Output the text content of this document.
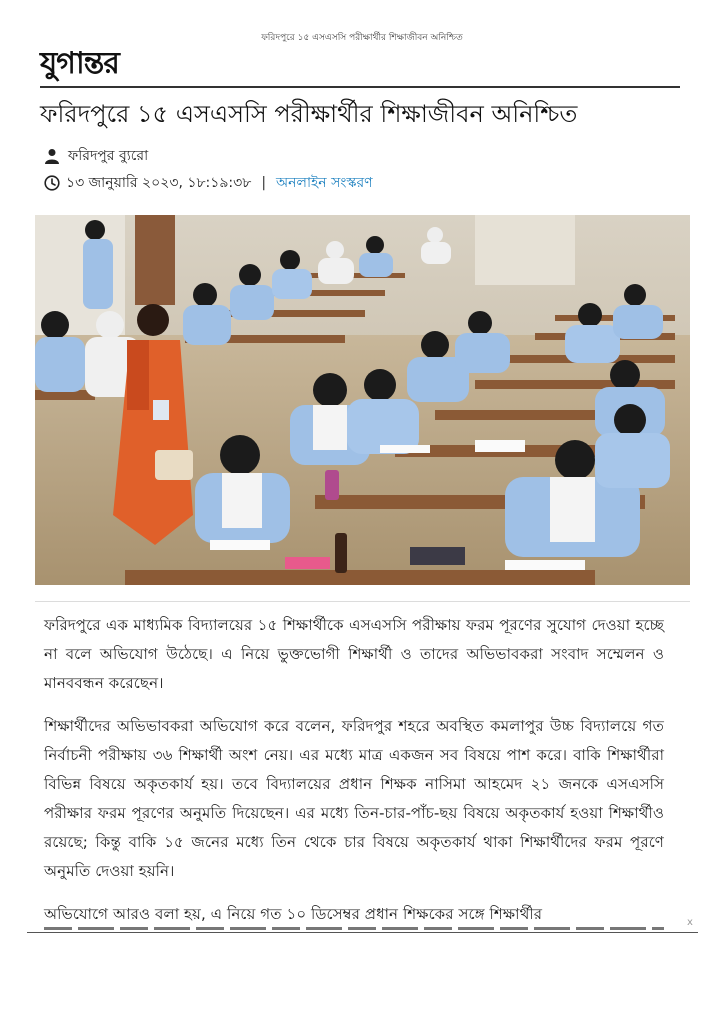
ফরিদপুরে ১৫ এসএসসি পরীক্ষার্থীর শিক্ষাজীবন অনিশ্চিত
যুগান্তর
ফরিদপুরে ১৫ এসএসসি পরীক্ষার্থীর শিক্ষাজীবন অনিশ্চিত
ফরিদপুর ব্যুরো
১৩ জানুয়ারি ২০২৩, ১৮:১৯:৩৮ | অনলাইন সংস্করণ

ফরিদপুরে এক মাধ্যমিক বিদ্যালয়ের ১৫ শিক্ষার্থীকে এসএসসি পরীক্ষায় ফরম পূরণের সুযোগ দেওয়া হচ্ছে না বলে অভিযোগ উঠেছে। এ নিয়ে ভুক্তভোগী শিক্ষার্থী ও তাদের অভিভাবকরা সংবাদ সম্মেলন ও মানববন্ধন করেছেন।

শিক্ষার্থীদের অভিভাবকরা অভিযোগ করে বলেন, ফরিদপুর শহরে অবস্থিত কমলাপুর উচ্চ বিদ্যালয়ে গত নির্বাচনী পরীক্ষায় ৩৬ শিক্ষার্থী অংশ নেয়। এর মধ্যে মাত্র একজন সব বিষয়ে পাশ করে। বাকি শিক্ষার্থীরা বিভিন্ন বিষয়ে অকৃতকার্য হয়। তবে বিদ্যালয়ের প্রধান শিক্ষক নাসিমা আহমেদ ২১ জনকে এসএসসি পরীক্ষার ফরম পূরণের অনুমতি দিয়েছেন। এর মধ্যে তিন-চার-পাঁচ-ছয় বিষয়ে অকৃতকার্য হওয়া শিক্ষার্থীও রয়েছে; কিন্তু বাকি ১৫ জনের মধ্যে তিন থেকে চার বিষয়ে অকৃতকার্য থাকা শিক্ষার্থীদের ফরম পূরণে অনুমতি দেওয়া হয়নি।

অভিযোগে আরও বলা হয়, এ নিয়ে গত ১০ ডিসেম্বর প্রধান শিক্ষকের সঙ্গে শিক্ষার্থীর	x
